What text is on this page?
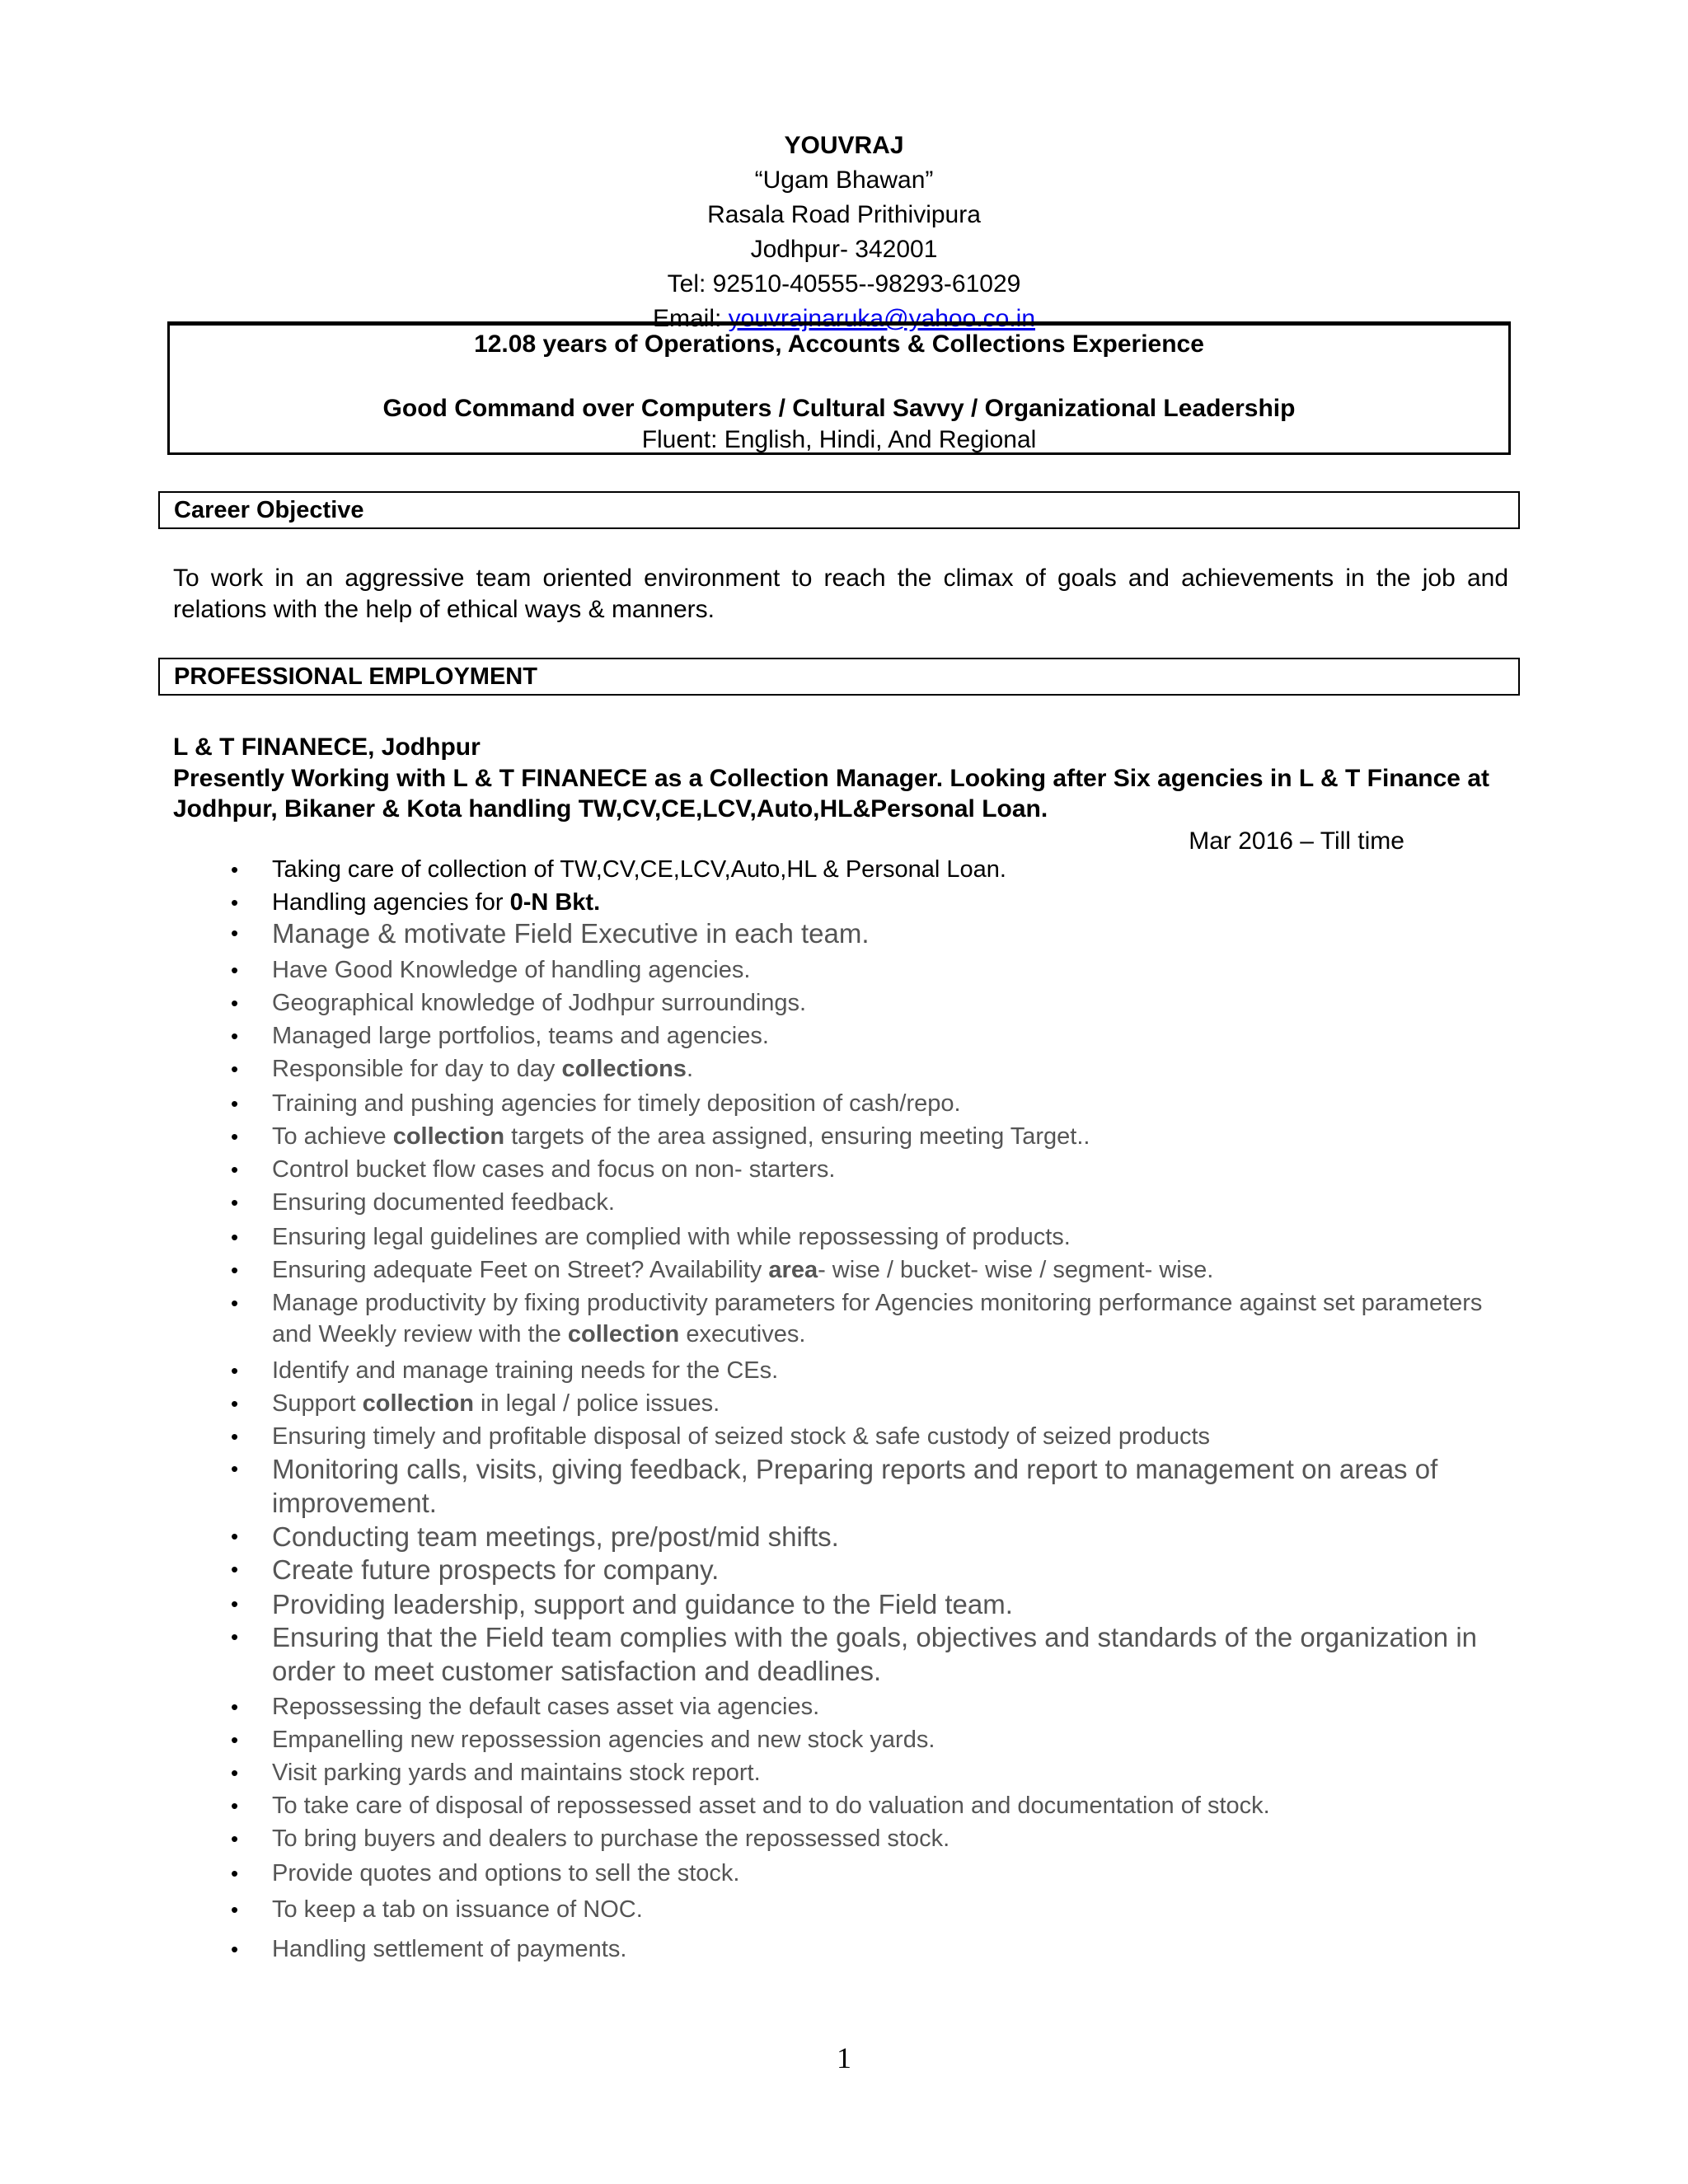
YOUVRAJ
“Ugam Bhawan”
Rasala Road Prithivipura
Jodhpur- 342001
Tel: 92510-40555--98293-61029
Email: youvrajnaruka@yahoo.co.in
12.08 years of Operations, Accounts & Collections Experience
Good Command over Computers / Cultural Savvy / Organizational Leadership
Fluent: English, Hindi, And Regional
Career Objective
To work in an aggressive team oriented environment to reach the climax of goals and achievements in the job and relations with the help of ethical ways & manners.
PROFESSIONAL EMPLOYMENT
L & T FINANECE, Jodhpur
Presently Working with L & T FINANECE as a Collection Manager. Looking after Six agencies in L & T Finance at Jodhpur, Bikaner & Kota handling TW,CV,CE,LCV,Auto,HL&Personal Loan.
Mar 2016 – Till time
• Taking care of collection of TW,CV,CE,LCV,Auto,HL & Personal Loan.
• Handling agencies for 0-N Bkt.
• Manage & motivate Field Executive in each team.
• Have Good Knowledge of handling agencies.
• Geographical knowledge of Jodhpur surroundings.
• Managed large portfolios, teams and agencies.
• Responsible for day to day collections.
• Training and pushing agencies for timely deposition of cash/repo.
• To achieve collection targets of the area assigned, ensuring meeting Target..
• Control bucket flow cases and focus on non- starters.
• Ensuring documented feedback.
• Ensuring legal guidelines are complied with while repossessing of products.
• Ensuring adequate Feet on Street? Availability area- wise / bucket- wise / segment- wise.
• Manage productivity by fixing productivity parameters for Agencies monitoring performance against set parameters and Weekly review with the collection executives.
• Identify and manage training needs for the CEs.
• Support collection in legal / police issues.
• Ensuring timely and profitable disposal of seized stock & safe custody of seized products
• Monitoring calls, visits, giving feedback, Preparing reports and report to management on areas of improvement.
• Conducting team meetings, pre/post/mid shifts.
• Create future prospects for company.
• Providing leadership, support and guidance to the Field team.
• Ensuring that the Field team complies with the goals, objectives and standards of the organization in order to meet customer satisfaction and deadlines.
• Repossessing the default cases asset via agencies.
• Empanelling new repossession agencies and new stock yards.
• Visit parking yards and maintains stock report.
• To take care of disposal of repossessed asset and to do valuation and documentation of stock.
• To bring buyers and dealers to purchase the repossessed stock.
• Provide quotes and options to sell the stock.
• To keep a tab on issuance of NOC.
• Handling settlement of payments.
1
